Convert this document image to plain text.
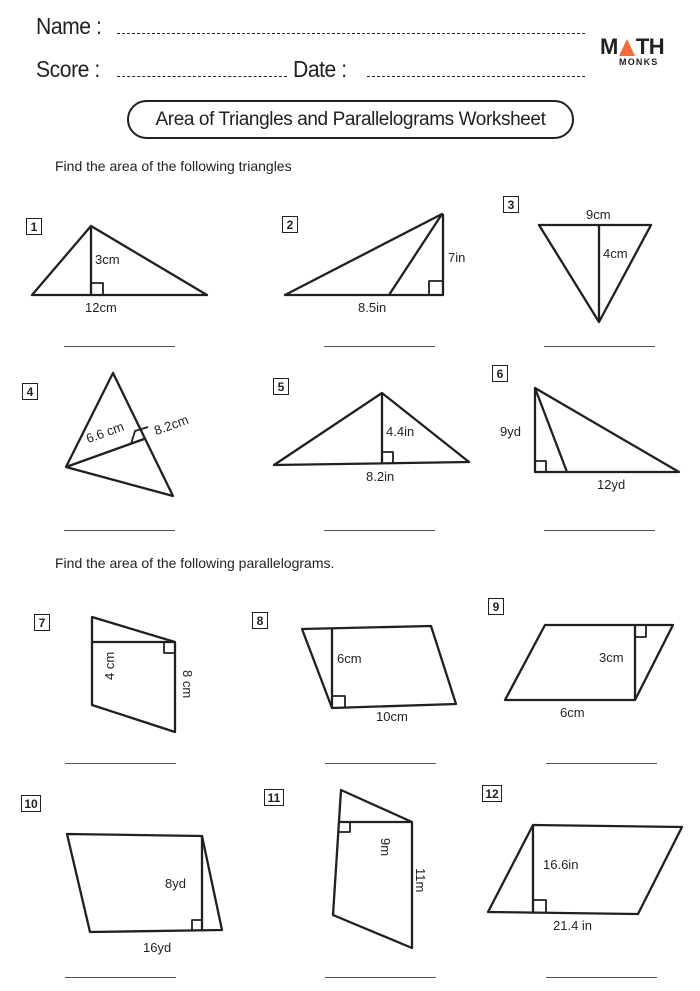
Name :
Score :	Date :
M TH
MONKS
Area of Triangles and Parallelograms Worksheet
Find the area of the following triangles
Find the area of the following parallelograms.
1	2
3
4	5
6
7	8
9
10	11	12
3cm
12cm
7in
8.5in
9cm
4cm
6.6 cm 8.2cm	4.4in
8.2in
9yd
12yd
4 cm
8 cm
6cm
10cm
3cm
6cm
8yd
16yd
9m
11m
16.6in
21.4 in
